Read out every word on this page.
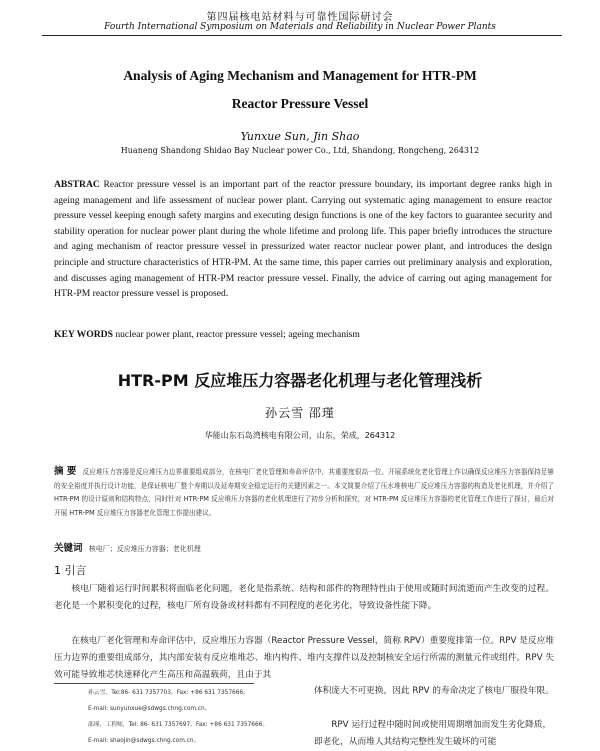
第四届核电站材料与可靠性国际研讨会
Fourth International Symposium on Materials and Reliability in Nuclear Power Plants
Analysis of Aging Mechanism and Management for HTR-PM
Reactor Pressure Vessel
Yunxue Sun, Jin Shao
Huaneng Shandong Shidao Bay Nuclear power Co., Ltd, Shandong, Rongcheng, 264312
ABSTRAC Reactor pressure vessel is an important part of the reactor pressure boundary, its important degree ranks high in ageing management and life assessment of nuclear power plant. Carrying out systematic aging management to ensure reactor pressure vessel keeping enough safety margins and executing design functions is one of the key factors to guarantee security and stability operation for nuclear power plant during the whole lifetime and prolong life. This paper briefly introduces the structure and aging mechanism of reactor pressure vessel in pressurized water reactor nuclear power plant, and introduces the design principle and structure characteristics of HTR-PM. At the same time, this paper carries out preliminary analysis and exploration, and discusses aging management of HTR-PM reactor pressure vessel. Finally, the advice of carring out aging management for HTR-PM reactor pressure vessel is proposed.
KEY WORDS nuclear power plant, reactor pressure vessel; ageing mechanism
HTR-PM 反应堆压力容器老化机理与老化管理浅析
孙云雪 邵瑾
华能山东石岛湾核电有限公司，山东，荣成，264312
摘 要 反应堆压力容器是反应堆压力边界重要组成部分，在核电厂老化管理和寿命评估中，其重要度很高一位。开展系统化老化管理上作以确保反应堆压力容器保持足够的安全裕度并执行设计功能，是保证核电厂整个寿期以及延寿期安全稳定运行的关键因素之一。本文简要介绍了压水堆核电厂反应堆压力容器的构造及老化机理，并介绍了 HTR-PM 的设计原则和结构特点，同时针对 HTR-PM 反应堆压力容器的老化机理进行了初步分析和探究，对 HTR-PM 反应堆压力容器的老化管理工作进行了探讨，最后对开展 HTR-PM 反应堆压力容器老化管理工作提出建议。
关键词 核电厂；反应堆压力容器；老化机理
1 引言
  核电厂随着运行时间累积将面临老化问题，老化是指系统、结构和部件的物理特性由于使用或随时间流逝而产生改变的过程。老化是一个累积变化的过程，核电厂所有设备或材料都有不同程度的老化劣化，导致设备性能下降。
  在核电厂老化管理和寿命评估中，反应堆压力容器（Reactor Pressure Vessel，简称 RPV）重要度排第一位。RPV 是反应堆压力边界的重要组成部分，其内部安装有反应堆堆芯、堆内构件、堆内支撑件以及控制核安全运行所需的测量元件或组件。RPV 失效可能导致堆芯快速释化产生高压和高温载荷，且由于其
孙云雪，Tel:86- 631 7357703，Fax: +86 631 7357666。
E-mail: sunyunxue@sdwgs.chng.com.cn。
邵瑾，工程师，Tel: 86- 631 7357697，Fax: +86 631 7357666。
E-mail: shaojin@sdwgs.chng.com.cn。
体积庞大不可更换，因此 RPV 的寿命决定了核电厂服役年限。
  RPV 运行过程中随时间或使用周期增加而发生劣化降质，即老化，从而堆人其结构完整性发生破坏的可能
